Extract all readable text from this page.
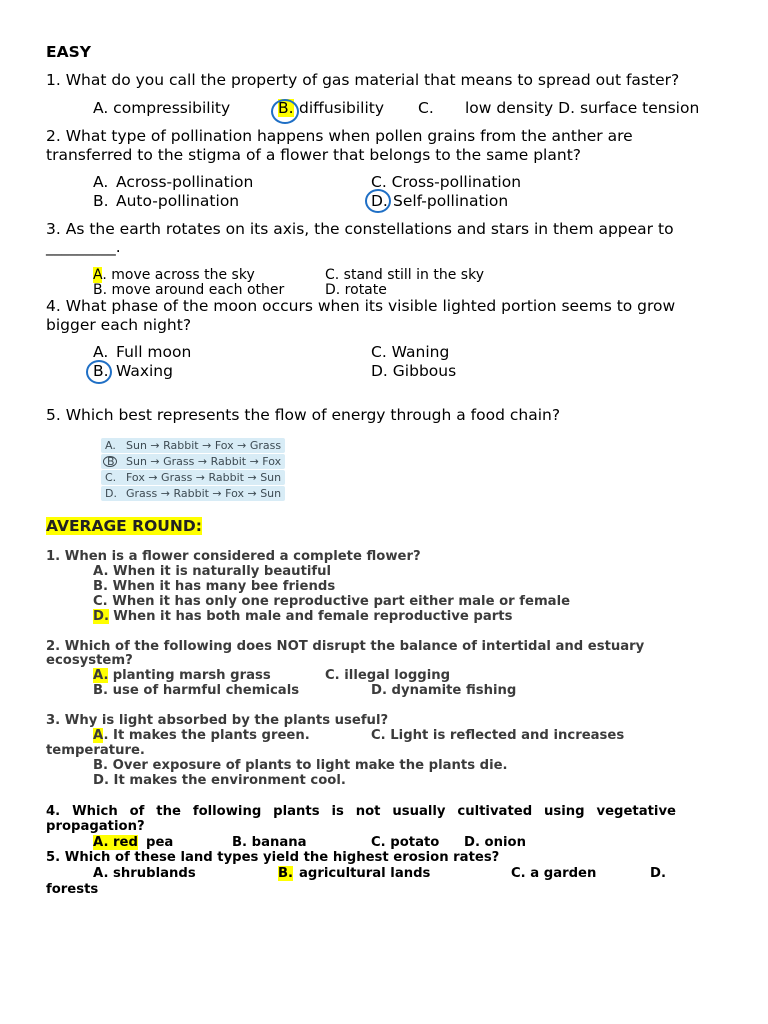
EASY
1. What do you call the property of gas material that means to spread out faster?
A. compressibility	B. diffusibility C. low density D. surface tension
2. What type of pollination happens when pollen grains from the anther are
transferred to the stigma of a flower that belongs to the same plant?
A. Across-pollination	C. Cross-pollination
B. Auto-pollination	D. Self-pollination
3. As the earth rotates on its axis, the constellations and stars in them appear to
_________.
A. move across the sky	C. stand still in the sky
B. move around each other	D. rotate
4. What phase of the moon occurs when its visible lighted portion seems to grow
bigger each night?
A. Full moon	C. Waning
B. Waxing	D. Gibbous
5. Which best represents the flow of energy through a food chain?
A. Sun → Rabbit → Fox → Grass
B Sun → Grass → Rabbit → Fox
C. Fox → Grass → Rabbit → Sun
D. Grass → Rabbit → Fox → Sun
AVERAGE ROUND:
1. When is a flower considered a complete flower?
A. When it is naturally beautiful
B. When it has many bee friends
C. When it has only one reproductive part either male or female
D. When it has both male and female reproductive parts
2. Which of the following does NOT disrupt the balance of intertidal and estuary
ecosystem?
A. planting marsh grass	C. illegal logging
B. use of harmful chemicals	D. dynamite fishing
3. Why is light absorbed by the plants useful?
A. It makes the plants green.	C. Light is reflected and increases
temperature.
B. Over exposure of plants to light make the plants die.
D. It makes the environment cool.
4. Which of the following plants is not usually cultivated using vegetative
propagation?
A. red pea	B. banana	C. potato D. onion
5. Which of these land types yield the highest erosion rates?
A. shrublands	B. agricultural lands	C. a garden	D.
forests
